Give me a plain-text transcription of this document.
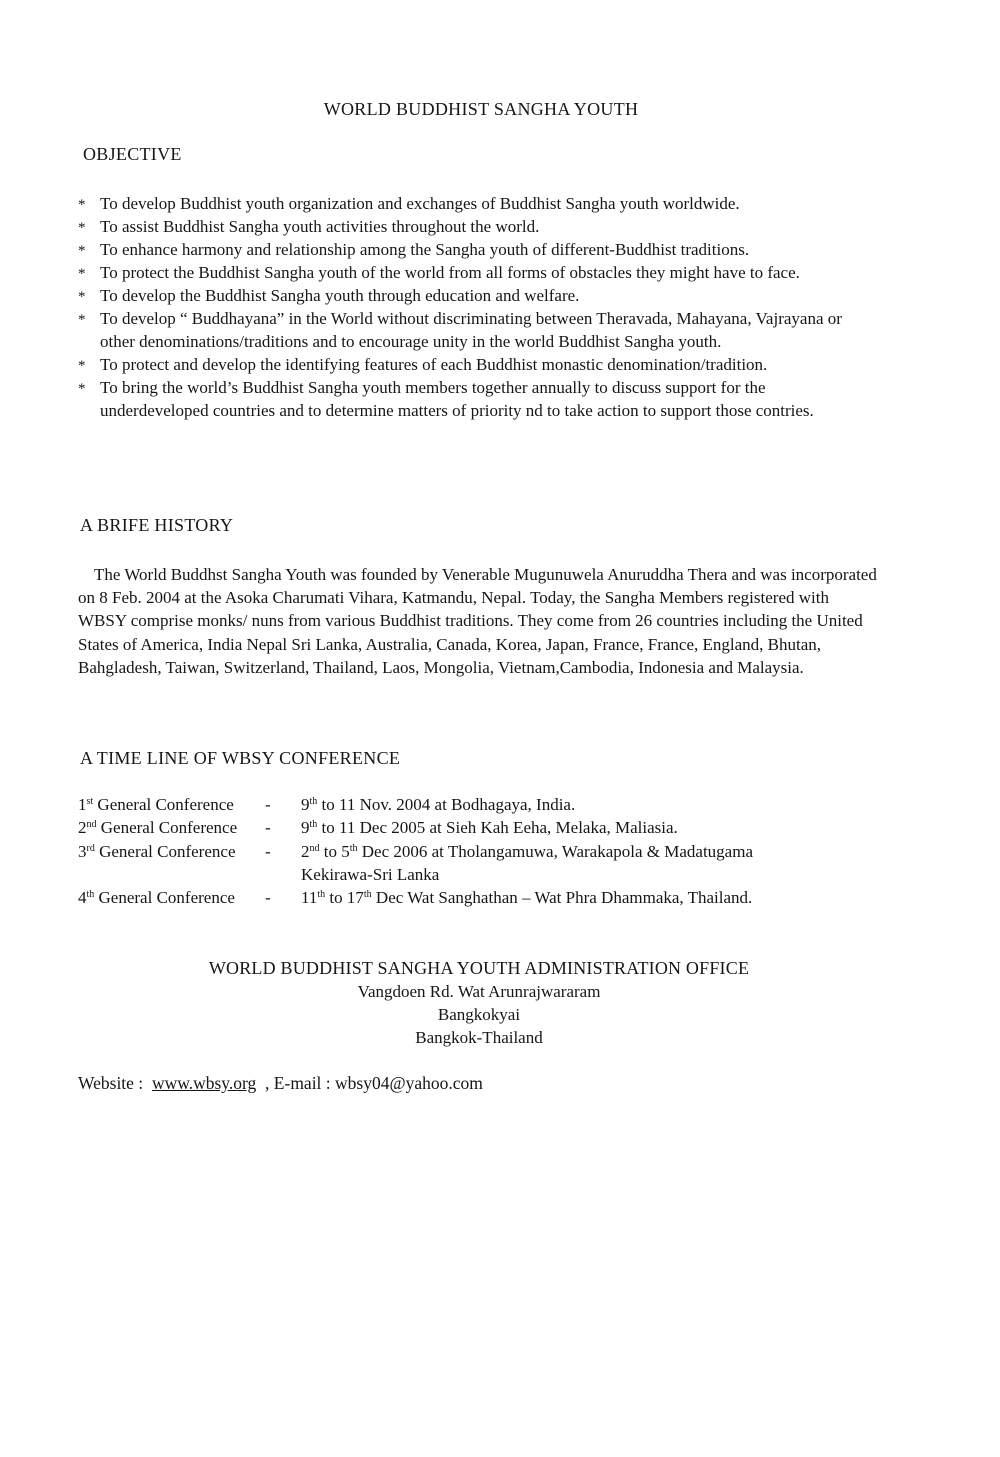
WORLD BUDDHIST SANGHA YOUTH
OBJECTIVE
* To develop Buddhist youth organization and exchanges of Buddhist Sangha youth worldwide.
* To assist Buddhist Sangha youth activities throughout the world.
* To enhance harmony and relationship among the Sangha youth of different-Buddhist traditions.
* To protect the Buddhist Sangha youth of the world from all forms of obstacles they might have to face.
* To develop the Buddhist Sangha youth through education and welfare.
* To develop “ Buddhayana” in the World without discriminating between Theravada, Mahayana, Vajrayana or other denominations/traditions and to encourage unity in the world Buddhist Sangha youth.
* To protect and develop the identifying features of each Buddhist monastic denomination/tradition.
* To bring the world’s Buddhist Sangha youth members together annually to discuss support for the underdeveloped countries and to determine matters of priority nd to take action to support those contries.
A BRIFE HISTORY

The World Buddhst Sangha Youth was founded by Venerable Mugunuwela Anuruddha Thera and was incorporated on 8 Feb. 2004 at the Asoka Charumati Vihara, Katmandu, Nepal. Today, the Sangha Members registered with WBSY comprise monks/ nuns from various Buddhist traditions. They come from 26 countries including the United States of America, India Nepal Sri Lanka, Australia, Canada, Korea, Japan, France, France, England, Bhutan, Bahgladesh, Taiwan, Switzerland, Thailand, Laos, Mongolia, Vietnam,Cambodia, Indonesia and Malaysia.

A TIME LINE OF WBSY CONFERENCE
1st General Conference	-	9th to 11 Nov. 2004 at Bodhagaya, India.
2nd General Conference	-	9th to 11 Dec 2005 at Sieh Kah Eeha, Melaka, Maliasia.
3rd General Conference	-	2nd to 5th Dec 2006 at Tholangamuwa, Warakapola & Madatugama
Kekirawa-Sri Lanka
4th General Conference	-	11th to 17th Dec Wat Sanghathan – Wat Phra Dhammaka, Thailand.
WORLD BUDDHIST SANGHA YOUTH ADMINISTRATION OFFICE
Vangdoen Rd. Wat Arunrajwararam
Bangkokyai
Bangkok-Thailand
Website : www.wbsy.org , E-mail : wbsy04@yahoo.com
